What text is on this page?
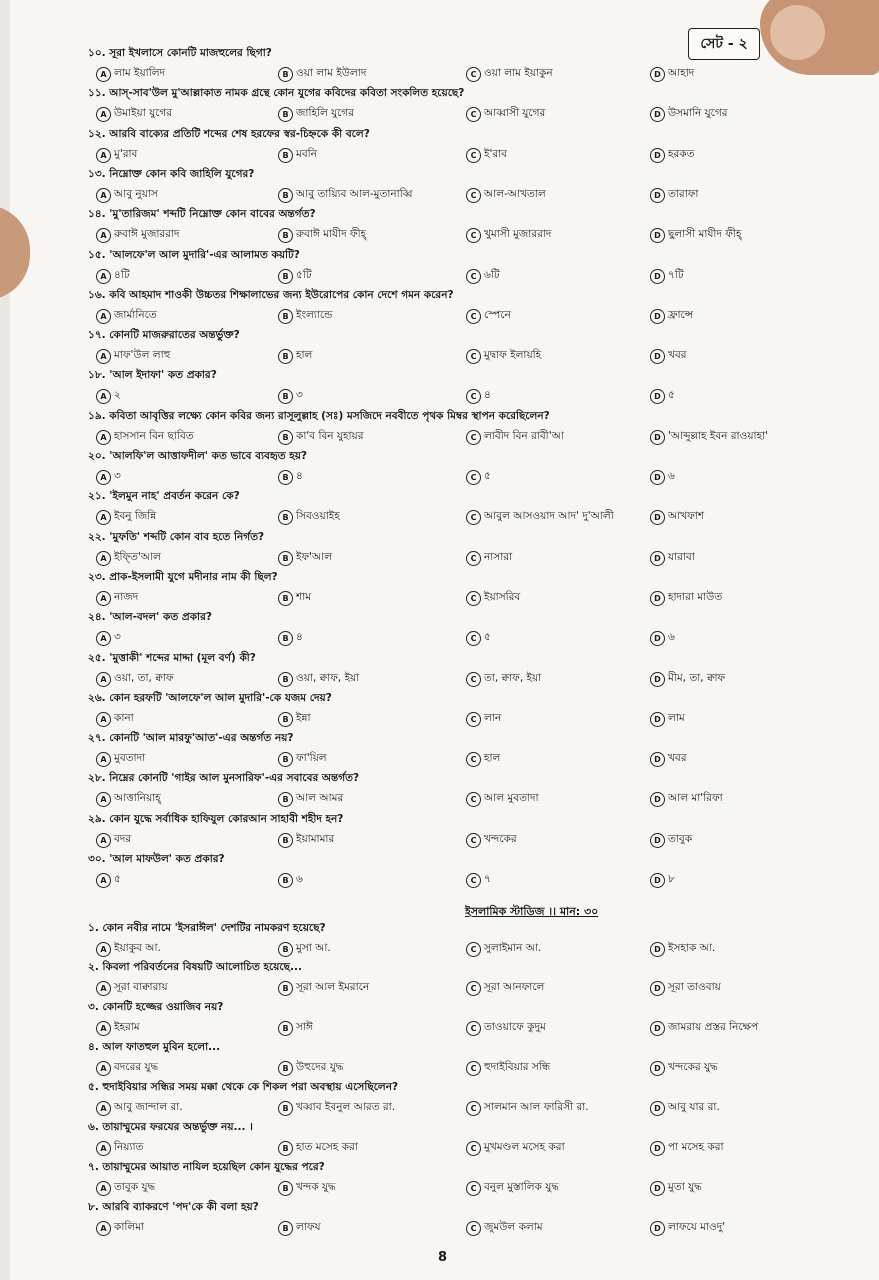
সেট - ২
১০. সূরা ইখলাসে কোনটি মাজহুলের ছিগা?
A লাম ইয়ালিদ	B ওয়া লাম ইউলাদ	C ওয়া লাম ইয়াকুন	D আহাদ
১১. আস্-সাব'উল মু'আল্লাকাত নামক গ্রন্থে কোন যুগের কবিদের কবিতা সংকলিত হয়েছে?
A উমাইয়া যুগের	B জাহিলি যুগের	C আব্বাসী যুগের	D উসমানি যুগের
১২. আরবি বাক্যের প্রতিটি শব্দের শেষ হরফের স্বর-চিহ্নকে কী বলে?
A মু'রাব	B মবনি	C ই'রাব	D হরকত
১৩. নিম্নোক্ত কোন কবি জাহিলি যুগের?
A আবু নুয়াস	B আবু তায়্যিব আল-মুতানাব্বি	C আল-আখতাল	D তারাফা
১৪. 'মু'তারিজম' শব্দটি নিম্নোক্ত কোন বাবের অন্তর্গত?
A রুবাঈ মুজাররাদ	B রুবাঈ মাযীদ ফীহ্	C খুমাসী মুজাররাদ	D ছুলাসী মাযীদ ফীহ্
১৫. 'আলফে'ল আল মুদারি'-এর আলামত কয়টি?
A ৪টি	B ৫টি	C ৬টি	D ৭টি
১৬. কবি আহমাদ শাওকী উচ্চতর শিক্ষালাভের জন্য ইউরোপের কোন দেশে গমন করেন?
A জার্মানিতে	B ইংল্যান্ডে	C স্পেনে	D ফ্রান্সে
১৭. কোনটি মাজরুরাতের অন্তর্ভুক্ত?
A মাফ'উল লাহু	B হাল	C মুদ্বাফ ইলায়হি	D খবর
১৮. 'আল ইদাফা' কত প্রকার?
A ২	B ৩	C ৪	D ৫
১৯. কবিতা আবৃত্তির লক্ষ্যে কোন কবির জন্য রাসূলুল্লাহ (সঃ) মসজিদে নববীতে পৃথক মিম্বর স্থাপন করেছিলেন?
A হাসসান বিন ছাবিত	B কা'ব বিন যুহায়র	C লাবীদ বিন রাবী'আ	D 'আব্দুল্লাহ ইবন রাওয়াহা'
২০. 'আলফি'ল আত্তাফদীল' কত ভাবে ব্যবহৃত হয়?
A ৩	B ৪	C ৫	D ৬
২১. 'ইলমুন নাহ' প্রবর্তন করেন কে?
A ইবনু জিন্নি	B সিবওয়াইহ	C আবুল আসওয়াদ আদ' দু'আলী	D আখফাশ
২২. 'মুফতি' শব্দটি কোন বাব হতে নির্গত?
A ইফ্তি'আল	B ইফ'আল	C নাসারা	D যারাবা
২৩. প্রাক-ইসলামী যুগে মদীনার নাম কী ছিল?
A নাজদ	B শাম	C ইয়াসরিব	D হাদারা মাউত
২৪. 'আল-বদল' কত প্রকার?
A ৩	B ৪	C ৫	D ৬
২৫. 'মুত্তাকী' শব্দের মাদ্দা (মূল বর্ণ) কী?
A ওয়া, তা, ক্বাফ	B ওয়া, ক্বাফ, ইয়া	C তা, ক্বাফ, ইয়া	D মীম, তা, ক্বাফ
২৬. কোন হরফটি 'আলফে'ল আল মুদারি'-কে যজম দেয়?
A কানা	B ইন্না	C লান	D লাম
২৭. কোনটি 'আল মারফু'আত'-এর অন্তর্গত নয়?
A মুবতাদা	B ফা'য়িল	C হাল	D খবর
২৮. নিম্নের কোনটি 'গাইর আল মুনসারিফ'-এর সবাবের অন্তর্গত?
A আত্তানিয়াহ্	B আল আমর	C আল মুবতাদা	D আল মা'রিফা
২৯. কোন যুদ্ধে সর্বাধিক হাফিযুল কোরআন সাহাবী শহীদ হন?
A বদর	B ইয়ামামার	C খন্দকের	D তাবুক
৩০. 'আল মাফউল' কত প্রকার?
A ৫	B ৬	C ৭	D ৮
ইসলামিক স্টাডিজ ।। মান: ৩০
১. কোন নবীর নামে 'ইসরাঈল' দেশটির নামকরণ হয়েছে?
A ইয়াকুব আ.	B মুসা আ.	C সুলাইমান আ.	D ইসহাক আ.
২. কিবলা পরিবর্তনের বিষয়টি আলোচিত হয়েছে...
A সূরা বাক্বারায়	B সূরা আল ইমরানে	C সূরা আনফালে	D সূরা তাওবায়
৩. কোনটি হজ্জের ওয়াজিব নয়?
A ইহরাম	B সাঈ	C তাওয়াফে কুদুম	D জামরায় প্রস্তর নিক্ষেপ
৪. আল ফাতহুল মুবিন হলো...
A বদরের যুদ্ধ	B উহুদের যুদ্ধ	C হুদাইবিয়ার সন্ধি	D খন্দকের যুদ্ধ
৫. হুদাইবিয়ার সন্ধির সময় মক্কা থেকে কে শিকল পরা অবস্থায় এসেছিলেন?
A আবু জান্দাল রা.	B খব্বাব ইবনুল আরত রা.	C সালমান আল ফারিসী রা.	D আবু যার রা.
৬. তায়াম্মুমের ফরযের অন্তর্ভুক্ত নয়... ।
A নিয়্যাত	B হাত মসেহ করা	C মুখমণ্ডল মসেহ করা	D পা মসেহ করা
৭. তায়াম্মুমের আয়াত নাযিল হয়েছিল কোন যুদ্ধের পরে?
A তাবুক যুদ্ধ	B খন্দক যুদ্ধ	C বনুল মুস্তালিক যুদ্ধ	D মুতা যুদ্ধ
৮. আরবি ব্যাকরণে 'পদ'কে কী বলা হয়?
A কালিমা	B লাফয	C জুমউল কলাম	D লাফযে মাওদু'
8
